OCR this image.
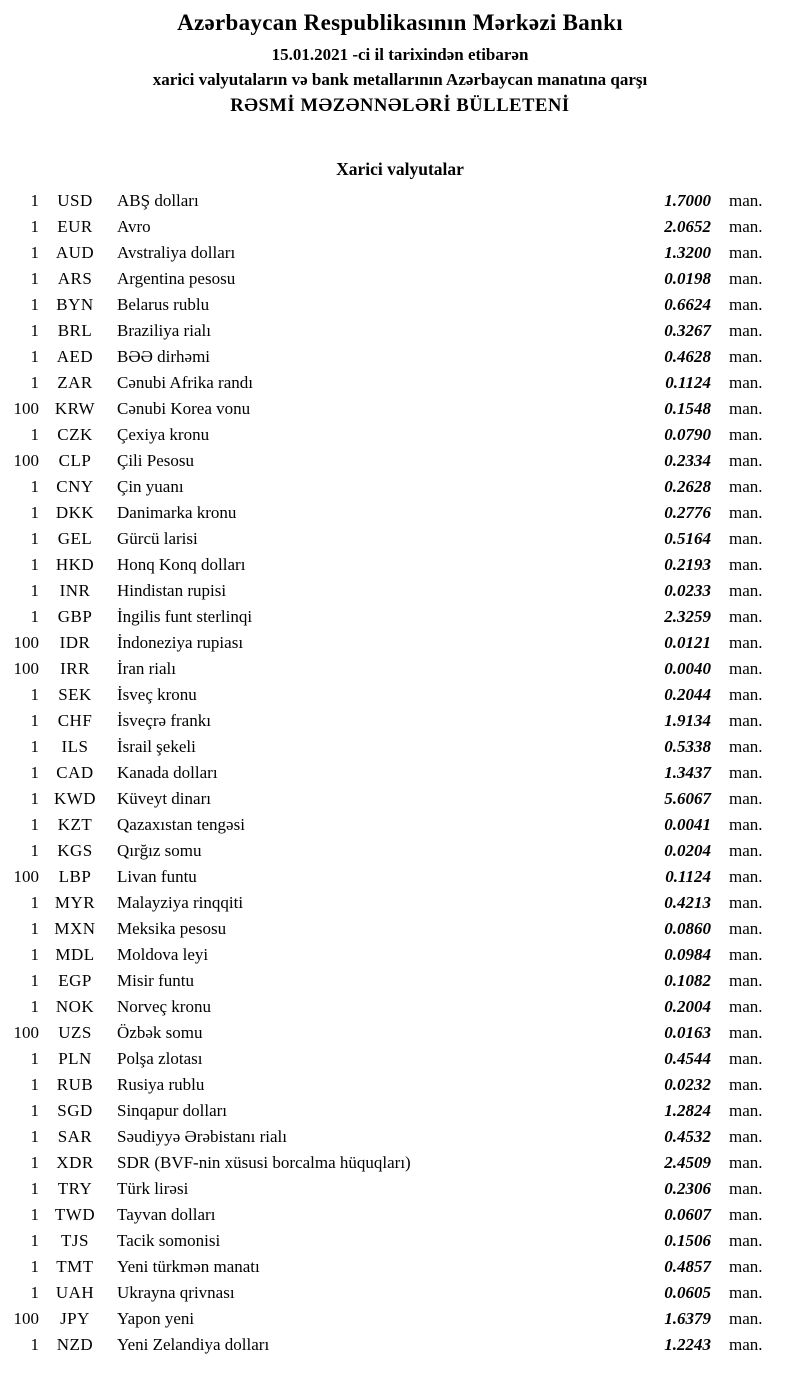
Azərbaycan Respublikasının Mərkəzi Bankı
15.01.2021 -ci il tarixindən etibarən
xarici valyutaların və bank metallarının Azərbaycan manatına qarşı
RƏSMİ MƏZƏNNƏLƏRİ BÜLLETENİ
Xarici valyutalar
1	USD	ABŞ dolları	1.7000	man.
1	EUR	Avro	2.0652	man.
1	AUD	Avstraliya dolları	1.3200	man.
1	ARS	Argentina pesosu	0.0198	man.
1	BYN	Belarus rublu	0.6624	man.
1	BRL	Braziliya rialı	0.3267	man.
1	AED	BƏƏ dirhəmi	0.4628	man.
1	ZAR	Cənubi Afrika randı	0.1124	man.
100	KRW	Cənubi Korea vonu	0.1548	man.
1	CZK	Çexiya kronu	0.0790	man.
100	CLP	Çili Pesosu	0.2334	man.
1	CNY	Çin yuanı	0.2628	man.
1	DKK	Danimarka kronu	0.2776	man.
1	GEL	Gürcü larisi	0.5164	man.
1	HKD	Honq Konq dolları	0.2193	man.
1	INR	Hindistan rupisi	0.0233	man.
1	GBP	İngilis funt sterlinqi	2.3259	man.
100	IDR	İndoneziya rupiası	0.0121	man.
100	IRR	İran rialı	0.0040	man.
1	SEK	İsveç kronu	0.2044	man.
1	CHF	İsveçrə frankı	1.9134	man.
1	ILS	İsrail şekeli	0.5338	man.
1	CAD	Kanada dolları	1.3437	man.
1	KWD	Küveyt dinarı	5.6067	man.
1	KZT	Qazaxıstan tengəsi	0.0041	man.
1	KGS	Qırğız somu	0.0204	man.
100	LBP	Livan funtu	0.1124	man.
1	MYR	Malayziya rinqqiti	0.4213	man.
1	MXN	Meksika pesosu	0.0860	man.
1	MDL	Moldova leyi	0.0984	man.
1	EGP	Misir funtu	0.1082	man.
1	NOK	Norveç kronu	0.2004	man.
100	UZS	Özbək somu	0.0163	man.
1	PLN	Polşa zlotası	0.4544	man.
1	RUB	Rusiya rublu	0.0232	man.
1	SGD	Sinqapur dolları	1.2824	man.
1	SAR	Səudiyyə Ərəbistanı rialı	0.4532	man.
1	XDR	SDR (BVF-nin xüsusi borcalma hüquqları)	2.4509	man.
1	TRY	Türk lirəsi	0.2306	man.
1	TWD	Tayvan dolları	0.0607	man.
1	TJS	Tacik somonisi	0.1506	man.
1	TMT	Yeni türkmən manatı	0.4857	man.
1	UAH	Ukrayna qrivnası	0.0605	man.
100	JPY	Yapon yeni	1.6379	man.
1	NZD	Yeni Zelandiya dolları	1.2243	man.
